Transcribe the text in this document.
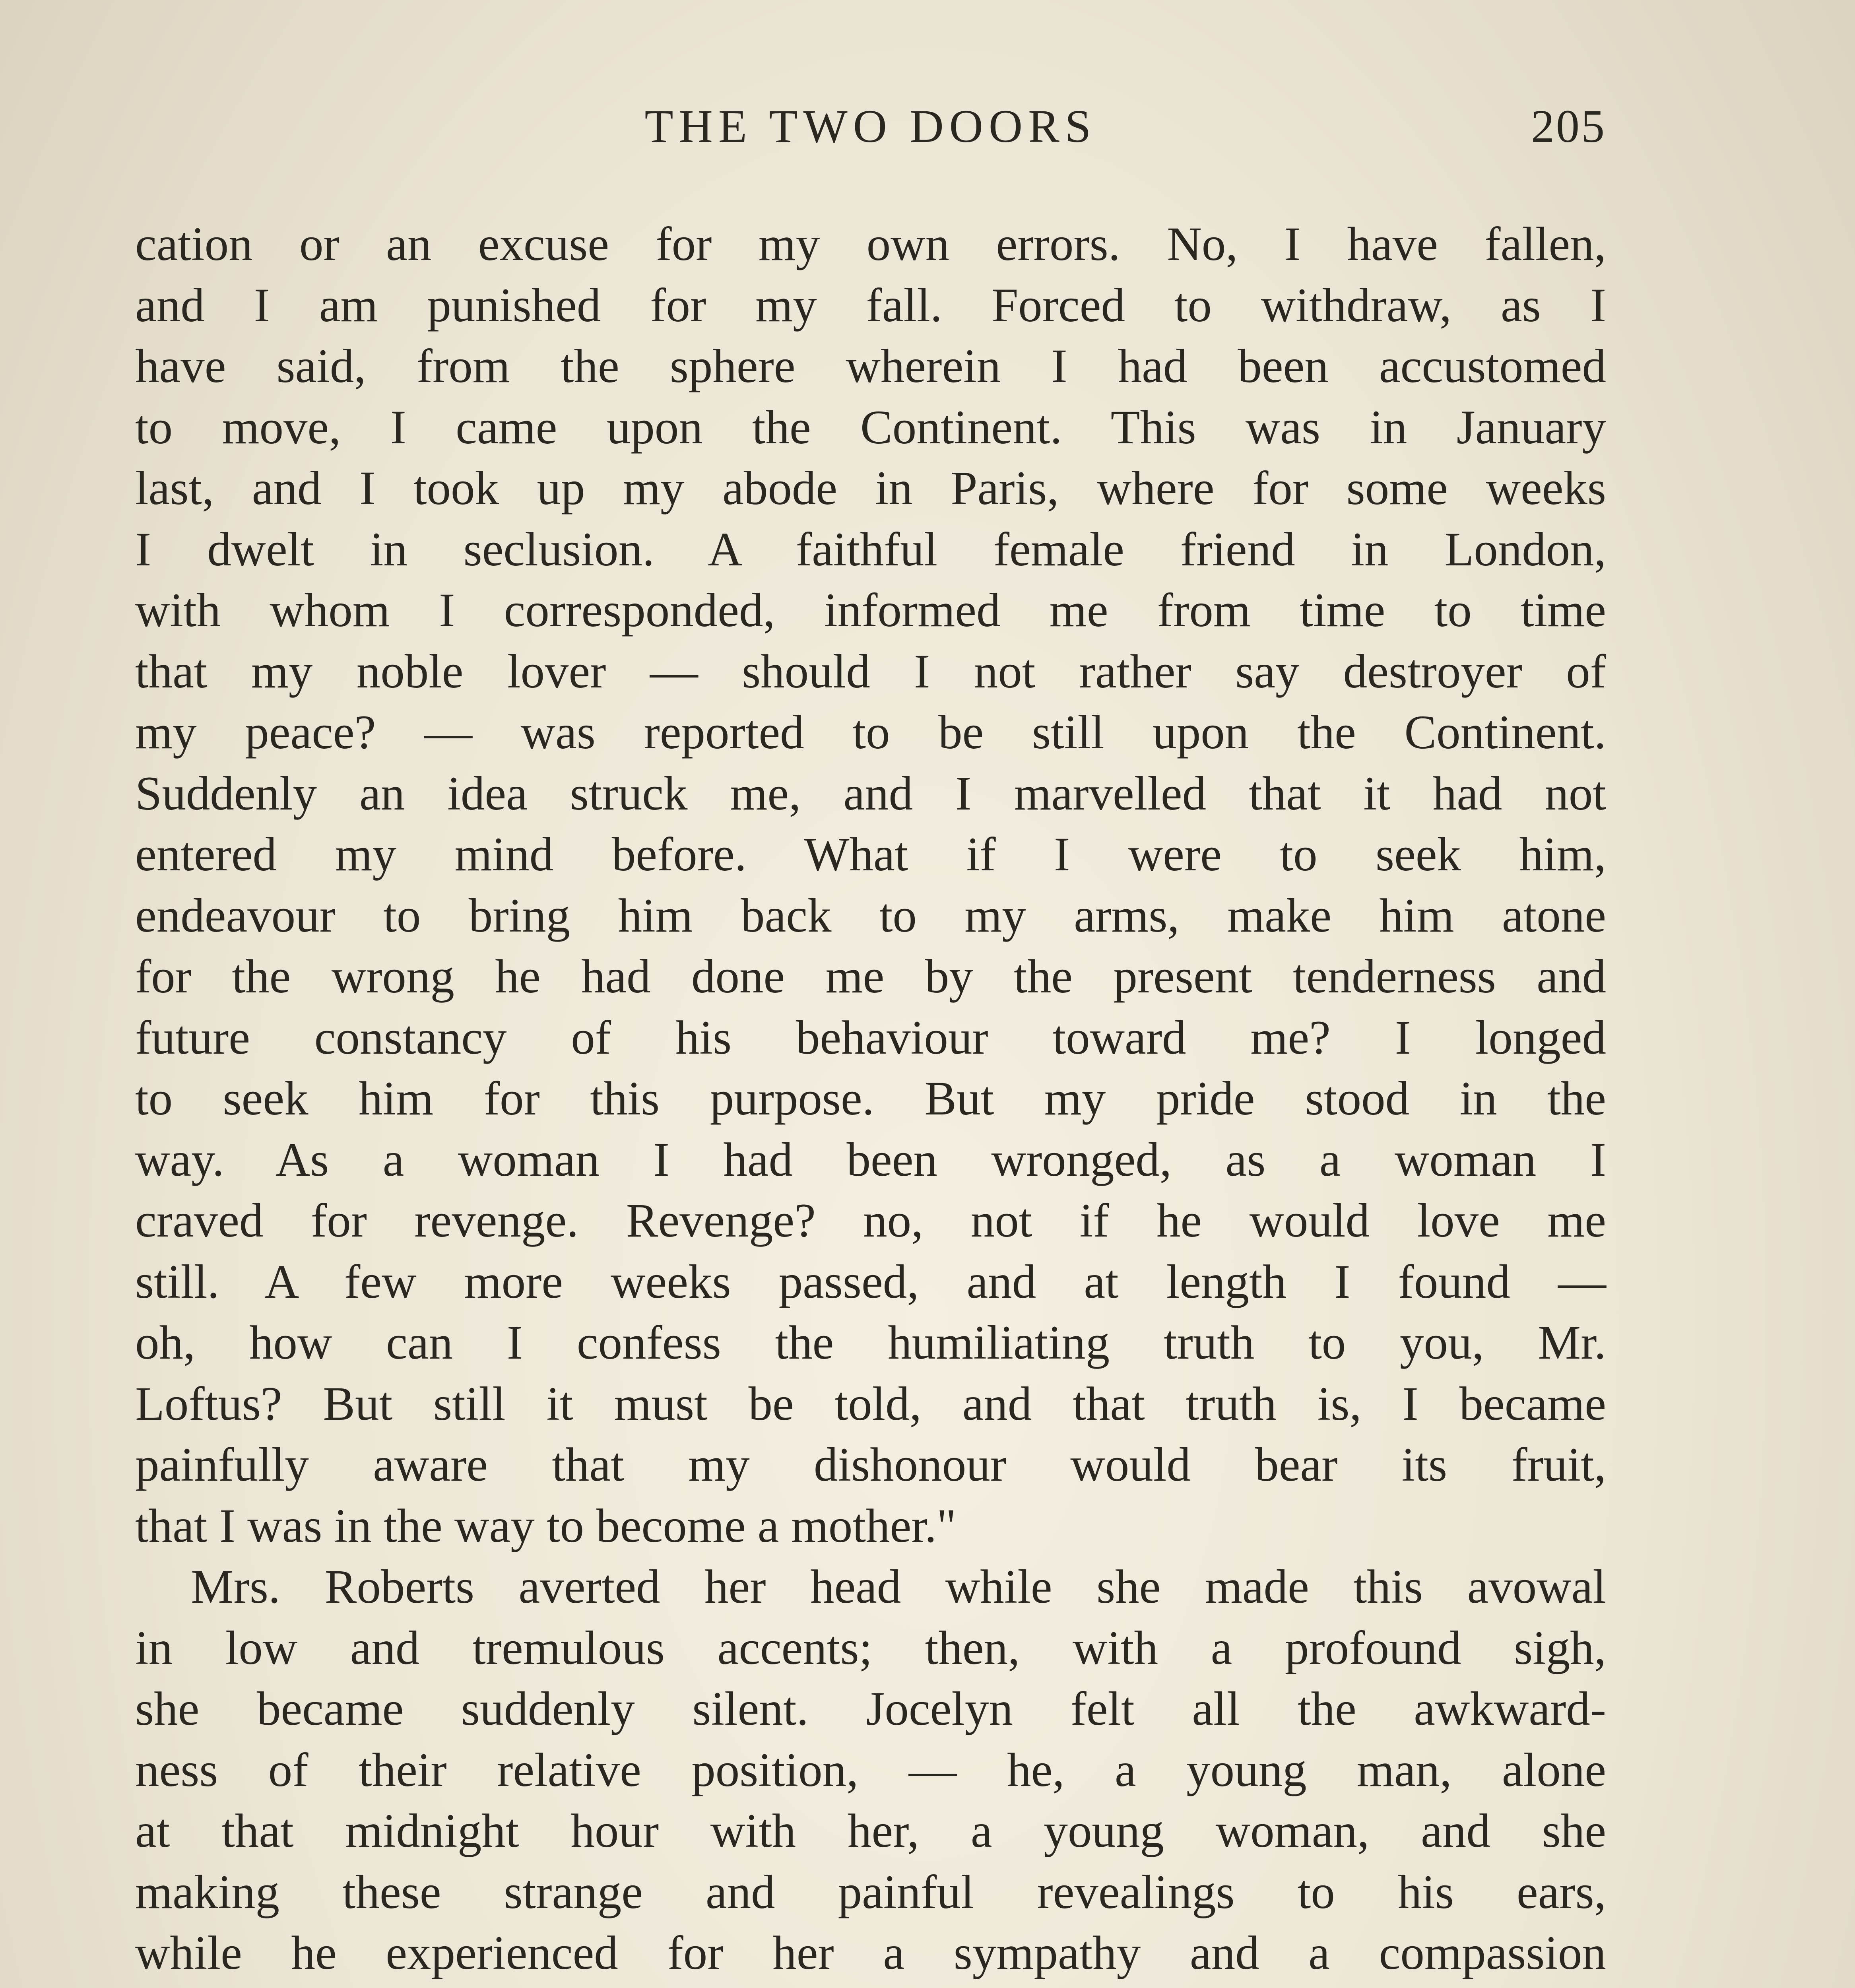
THE TWO DOORS	205
cation or an excuse for my own errors. No, I have fallen,
and I am punished for my fall. Forced to withdraw, as I
have said, from the sphere wherein I had been accustomed
to move, I came upon the Continent. This was in January
last, and I took up my abode in Paris, where for some weeks
I dwelt in seclusion. A faithful female friend in London,
with whom I corresponded, informed me from time to time
that my noble lover — should I not rather say destroyer of
my peace? — was reported to be still upon the Continent.
Suddenly an idea struck me, and I marvelled that it had not
entered my mind before. What if I were to seek him,
endeavour to bring him back to my arms, make him atone
for the wrong he had done me by the present tenderness and
future constancy of his behaviour toward me? I longed
to seek him for this purpose. But my pride stood in the
way. As a woman I had been wronged, as a woman I
craved for revenge. Revenge? no, not if he would love me
still. A few more weeks passed, and at length I found —
oh, how can I confess the humiliating truth to you, Mr.
Loftus? But still it must be told, and that truth is, I became
painfully aware that my dishonour would bear its fruit,
that I was in the way to become a mother."
Mrs. Roberts averted her head while she made this avowal
in low and tremulous accents; then, with a profound sigh,
she became suddenly silent. Jocelyn felt all the awkward-
ness of their relative position, — he, a young man, alone
at that midnight hour with her, a young woman, and she
making these strange and painful revealings to his ears,
while he experienced for her a sympathy and a compassion
